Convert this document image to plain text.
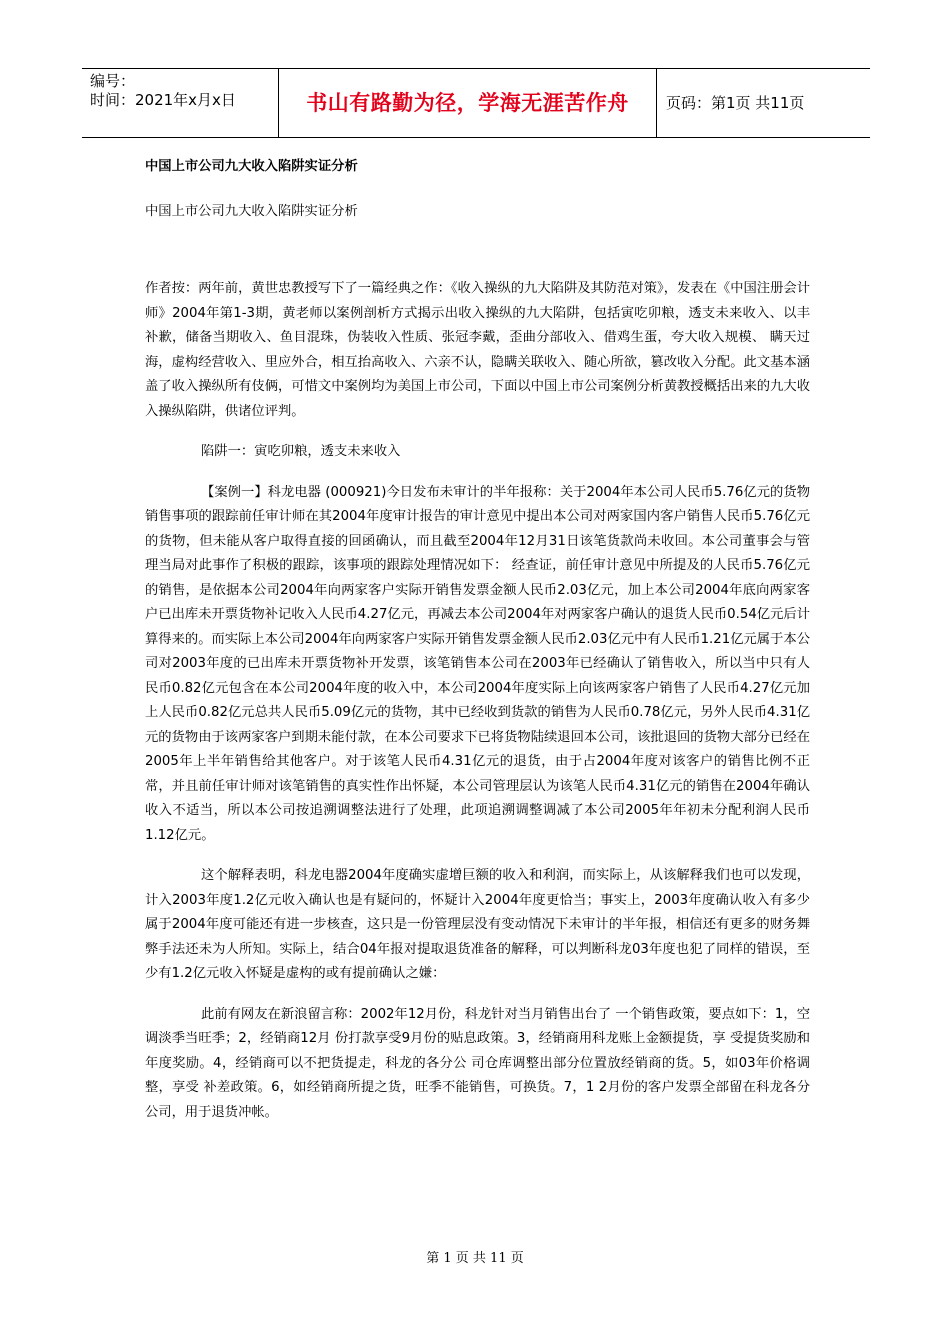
编号：
时间：2021年x月x日	书山有路勤为径，学海无涯苦作舟	页码：第1页 共11页

中国上市公司九大收入陷阱实证分析

中国上市公司九大收入陷阱实证分析

作者按：两年前，黄世忠教授写下了一篇经典之作：《收入操纵的九大陷阱及其防范对策》，发表在《中国注册会计师》2004年第1-3期，黄老师以案例剖析方式揭示出收入操纵的九大陷阱，包括寅吃卯粮，透支未来收入、以丰补歉，储备当期收入、鱼目混珠，伪装收入性质、张冠李戴，歪曲分部收入、借鸡生蛋，夸大收入规模、 瞒天过海，虚构经营收入、里应外合，相互抬高收入、六亲不认，隐瞒关联收入、随心所欲，篡改收入分配。此文基本涵盖了收入操纵所有伎俩，可惜文中案例均为美国上市公司，下面以中国上市公司案例分析黄教授概括出来的九大收入操纵陷阱，供诸位评判。

陷阱一：寅吃卯粮，透支未来收入

【案例一】科龙电器 (000921)今日发布未审计的半年报称：关于2004年本公司人民币5.76亿元的货物销售事项的跟踪前任审计师在其2004年度审计报告的审计意见中提出本公司对两家国内客户销售人民币5.76亿元的货物，但未能从客户取得直接的回函确认，而且截至2004年12月31日该笔货款尚未收回。本公司董事会与管理当局对此事作了积极的跟踪，该事项的跟踪处理情况如下： 经查证，前任审计意见中所提及的人民币5.76亿元的销售，是依据本公司2004年向两家客户实际开销售发票金额人民币2.03亿元，加上本公司2004年底向两家客户已出库未开票货物补记收入人民币4.27亿元，再减去本公司2004年对两家客户确认的退货人民币0.54亿元后计算得来的。而实际上本公司2004年向两家客户实际开销售发票金额人民币2.03亿元中有人民币1.21亿元属于本公司对2003年度的已出库未开票货物补开发票，该笔销售本公司在2003年已经确认了销售收入，所以当中只有人民币0.82亿元包含在本公司2004年度的收入中，本公司2004年度实际上向该两家客户销售了人民币4.27亿元加上人民币0.82亿元总共人民币5.09亿元的货物，其中已经收到货款的销售为人民币0.78亿元，另外人民币4.31亿元的货物由于该两家客户到期未能付款，在本公司要求下已将货物陆续退回本公司，该批退回的货物大部分已经在2005年上半年销售给其他客户。对于该笔人民币4.31亿元的退货，由于占2004年度对该客户的销售比例不正常，并且前任审计师对该笔销售的真实性作出怀疑，本公司管理层认为该笔人民币4.31亿元的销售在2004年确认收入不适当，所以本公司按追溯调整法进行了处理，此项追溯调整调减了本公司2005年年初未分配利润人民币1.12亿元。

这个解释表明，科龙电器2004年度确实虚增巨额的收入和利润，而实际上，从该解释我们也可以发现，计入2003年度1.2亿元收入确认也是有疑问的，怀疑计入2004年度更恰当；事实上，2003年度确认收入有多少属于2004年度可能还有进一步核查，这只是一份管理层没有变动情况下未审计的半年报，相信还有更多的财务舞弊手法还未为人所知。实际上，结合04年报对提取退货准备的解释，可以判断科龙03年度也犯了同样的错误，至少有1.2亿元收入怀疑是虚构的或有提前确认之嫌：

此前有网友在新浪留言称：2002年12月份，科龙针对当月销售出台了 一个销售政策，要点如下：1，空调淡季当旺季；2，经销商12月 份打款享受9月份的贴息政策。3，经销商用科龙账上金额提货，享 受提货奖励和年度奖励。4，经销商可以不把货提走，科龙的各分公 司仓库调整出部分位置放经销商的货。5，如03年价格调整，享受 补差政策。6，如经销商所提之货，旺季不能销售，可换货。7，1 2月份的客户发票全部留在科龙各分公司，用于退货冲帐。

第 1 页 共 11 页
